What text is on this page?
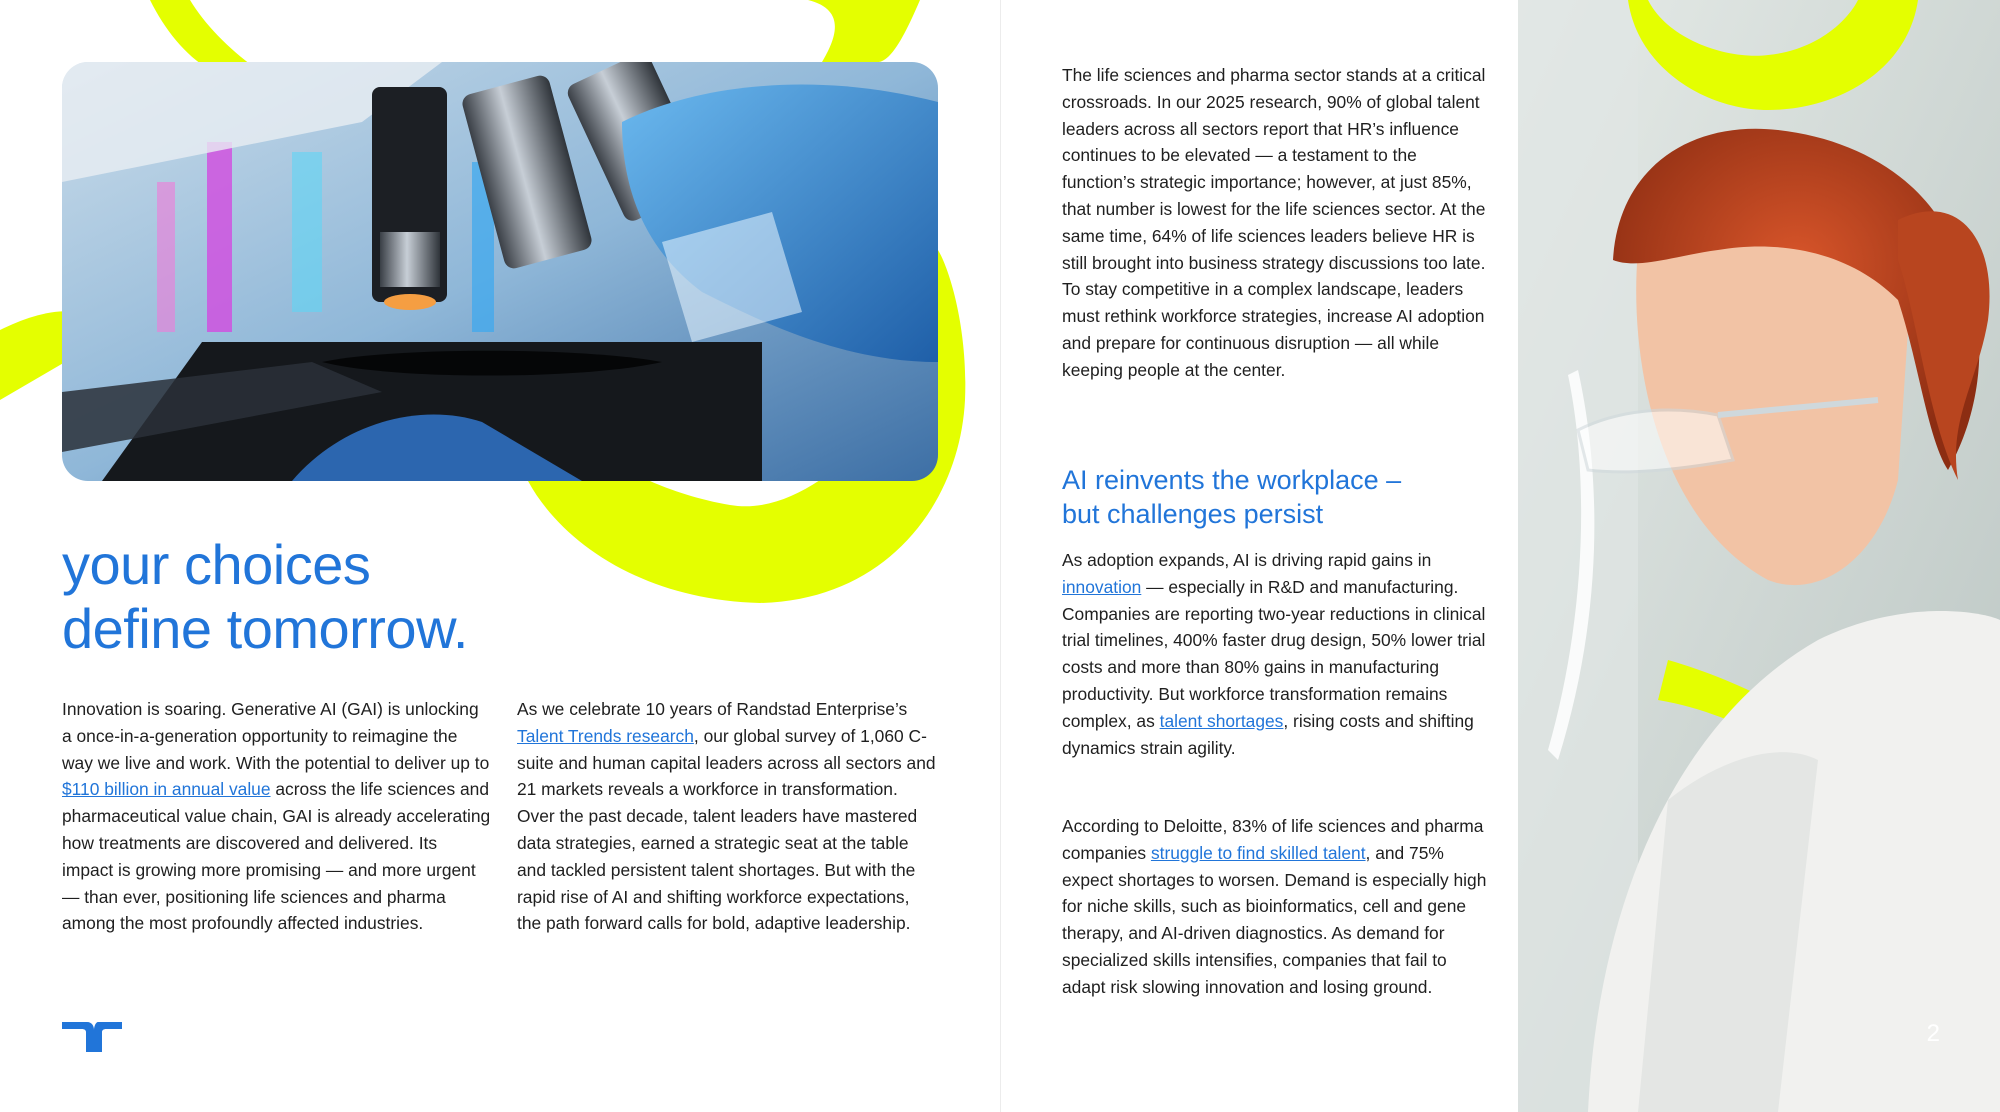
your choices
define tomorrow.

Innovation is soaring. Generative AI (GAI) is unlocking a once-in-a-generation opportunity to reimagine the way we live and work. With the potential to deliver up to $110 billion in annual value across the life sciences and pharmaceutical value chain, GAI is already accelerating how treatments are discovered and delivered. Its impact is growing more promising — and more urgent — than ever, positioning life sciences and pharma among the most profoundly affected industries.

As we celebrate 10 years of Randstad Enterprise’s Talent Trends research, our global survey of 1,060 C-suite and human capital leaders across all sectors and 21 markets reveals a workforce in transformation. Over the past decade, talent leaders have mastered data strategies, earned a strategic seat at the table and tackled persistent talent shortages. But with the rapid rise of AI and shifting workforce expectations, the path forward calls for bold, adaptive leadership.

The life sciences and pharma sector stands at a critical crossroads. In our 2025 research, 90% of global talent leaders across all sectors report that HR’s influence continues to be elevated — a testament to the function’s strategic importance; however, at just 85%, that number is lowest for the life sciences sector. At the same time, 64% of life sciences leaders believe HR is still brought into business strategy discussions too late. To stay competitive in a complex landscape, leaders must rethink workforce strategies, increase AI adoption and prepare for continuous disruption — all while keeping people at the center.

AI reinvents the workplace –
but challenges persist

As adoption expands, AI is driving rapid gains in innovation — especially in R&D and manufacturing. Companies are reporting two-year reductions in clinical trial timelines, 400% faster drug design, 50% lower trial costs and more than 80% gains in manufacturing productivity. But workforce transformation remains complex, as talent shortages, rising costs and shifting dynamics strain agility.

According to Deloitte, 83% of life sciences and pharma companies struggle to find skilled talent, and 75% expect shortages to worsen. Demand is especially high for niche skills, such as bioinformatics, cell and gene therapy, and AI-driven diagnostics. As demand for specialized skills intensifies, companies that fail to adapt risk slowing innovation and losing ground.

2
